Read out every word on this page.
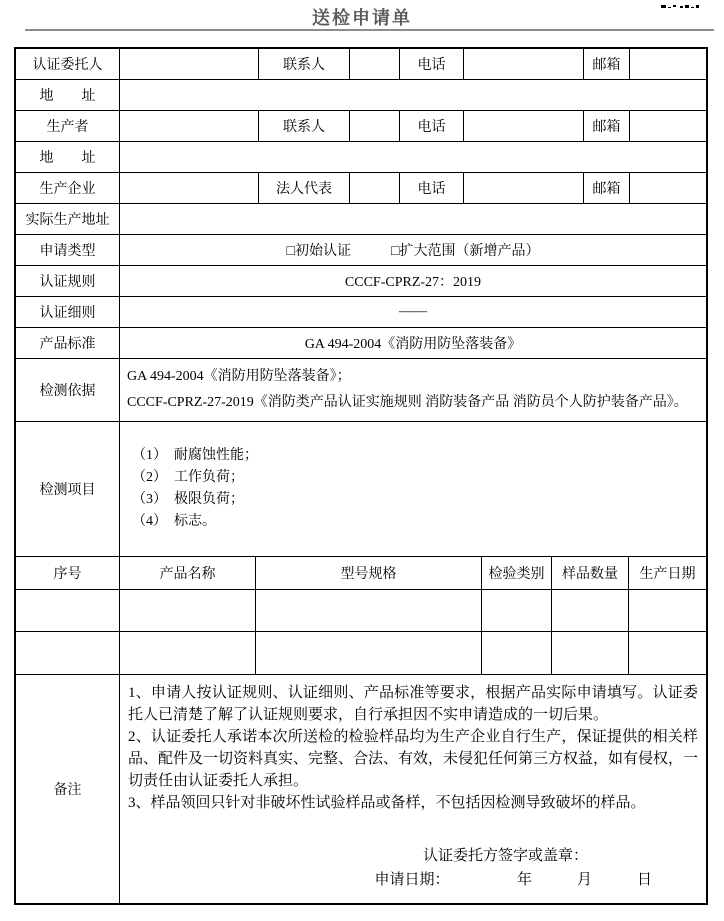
送检申请单
认证委托人	联系人	电话	邮箱
地　　址
生产者	联系人	电话	邮箱
地　　址
生产企业	法人代表	电话	邮箱
实际生产地址
申请类型	□初始认证	□扩大范围（新增产品）
认证规则	CCCF-CPRZ-27：2019
认证细则	——
产品标准	GA 494-2004《消防用防坠落装备》
检测依据
GA 494-2004《消防用防坠落装备》；
CCCF-CPRZ-27-2019《消防类产品认证实施规则 消防装备产品 消防员个人防护装备产品》。
检测项目
（1）　耐腐蚀性能；
（2）　工作负荷；
（3）　极限负荷；
（4）　标志。
序号	产品名称	型号规格	检验类别	样品数量	生产日期
备注

1、申请人按认证规则、认证细则、产品标准等要求，根据产品实际申请填写。认证委托人已清楚了解了认证规则要求，自行承担因不实申请造成的一切后果。

2、认证委托人承诺本次所送检的检验样品均为生产企业自行生产，保证提供的相关样品、配件及一切资料真实、完整、合法、有效，未侵犯任何第三方权益，如有侵权，一切责任由认证委托人承担。

3、样品领回只针对非破坏性试验样品或备样，不包括因检测导致破坏的样品。

认证委托方签字或盖章：
申请日期：　　　　　年　　　月　　　日
